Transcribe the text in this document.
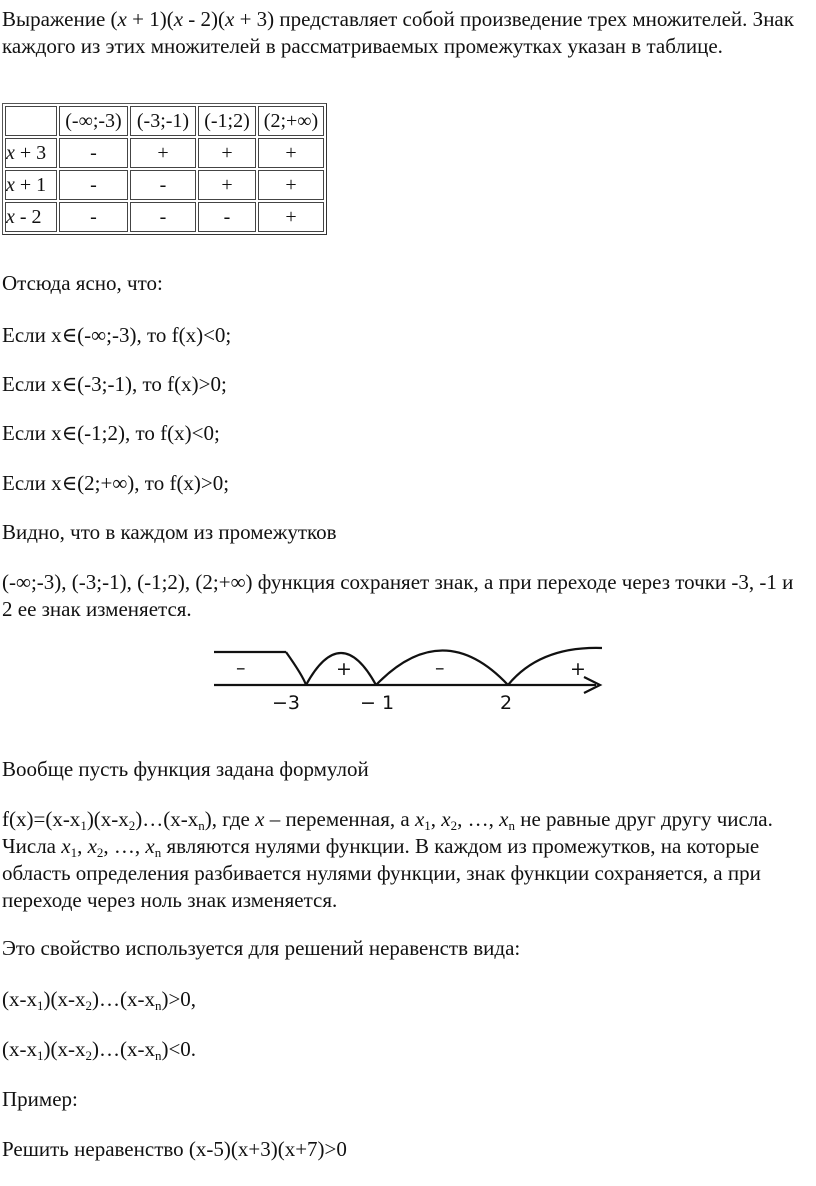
Выражение (x + 1)(x - 2)(x + 3) представляет собой произведение трех множителей. Знак каждого из этих множителей в рассматриваемых промежутках указан в таблице.

	(-∞;-3)	(-3;-1)	(-1;2)	(2;+∞)
x + 3	-	+	+	+
x + 1	-	-	+	+
x - 2	-	-	-	+

Отсюда ясно, что:

Если x∈(-∞;-3), то f(x)<0;

Если x∈(-3;-1), то f(x)>0;

Если x∈(-1;2), то f(x)<0;

Если x∈(2;+∞), то f(x)>0;

Видно, что в каждом из промежутков

(-∞;-3), (-3;-1), (-1;2), (2;+∞) функция сохраняет знак, а при переходе через точки -3, -1 и 2 ее знак изменяется.

–	+	–	+
−3	− 1	2

Вообще пусть функция задана формулой

$f(x)=(x-x_1)(x-x_2)\dots(x-x_n)$, где x – переменная, а $x_1$, $x_2$, …, $x_n$ не равные друг другу числа. Числа $x_1$, $x_2$, …, $x_n$ являются нулями функции. В каждом из промежутков, на которые область определения разбивается нулями функции, знак функции сохраняется, а при переходе через ноль знак изменяется.

Это свойство используется для решений неравенств вида:

$(x-x_1)(x-x_2)\dots(x-x_n)>0$,

$(x-x_1)(x-x_2)\dots(x-x_n)<0$.

Пример:

Решить неравенство (x-5)(x+3)(x+7)>0
